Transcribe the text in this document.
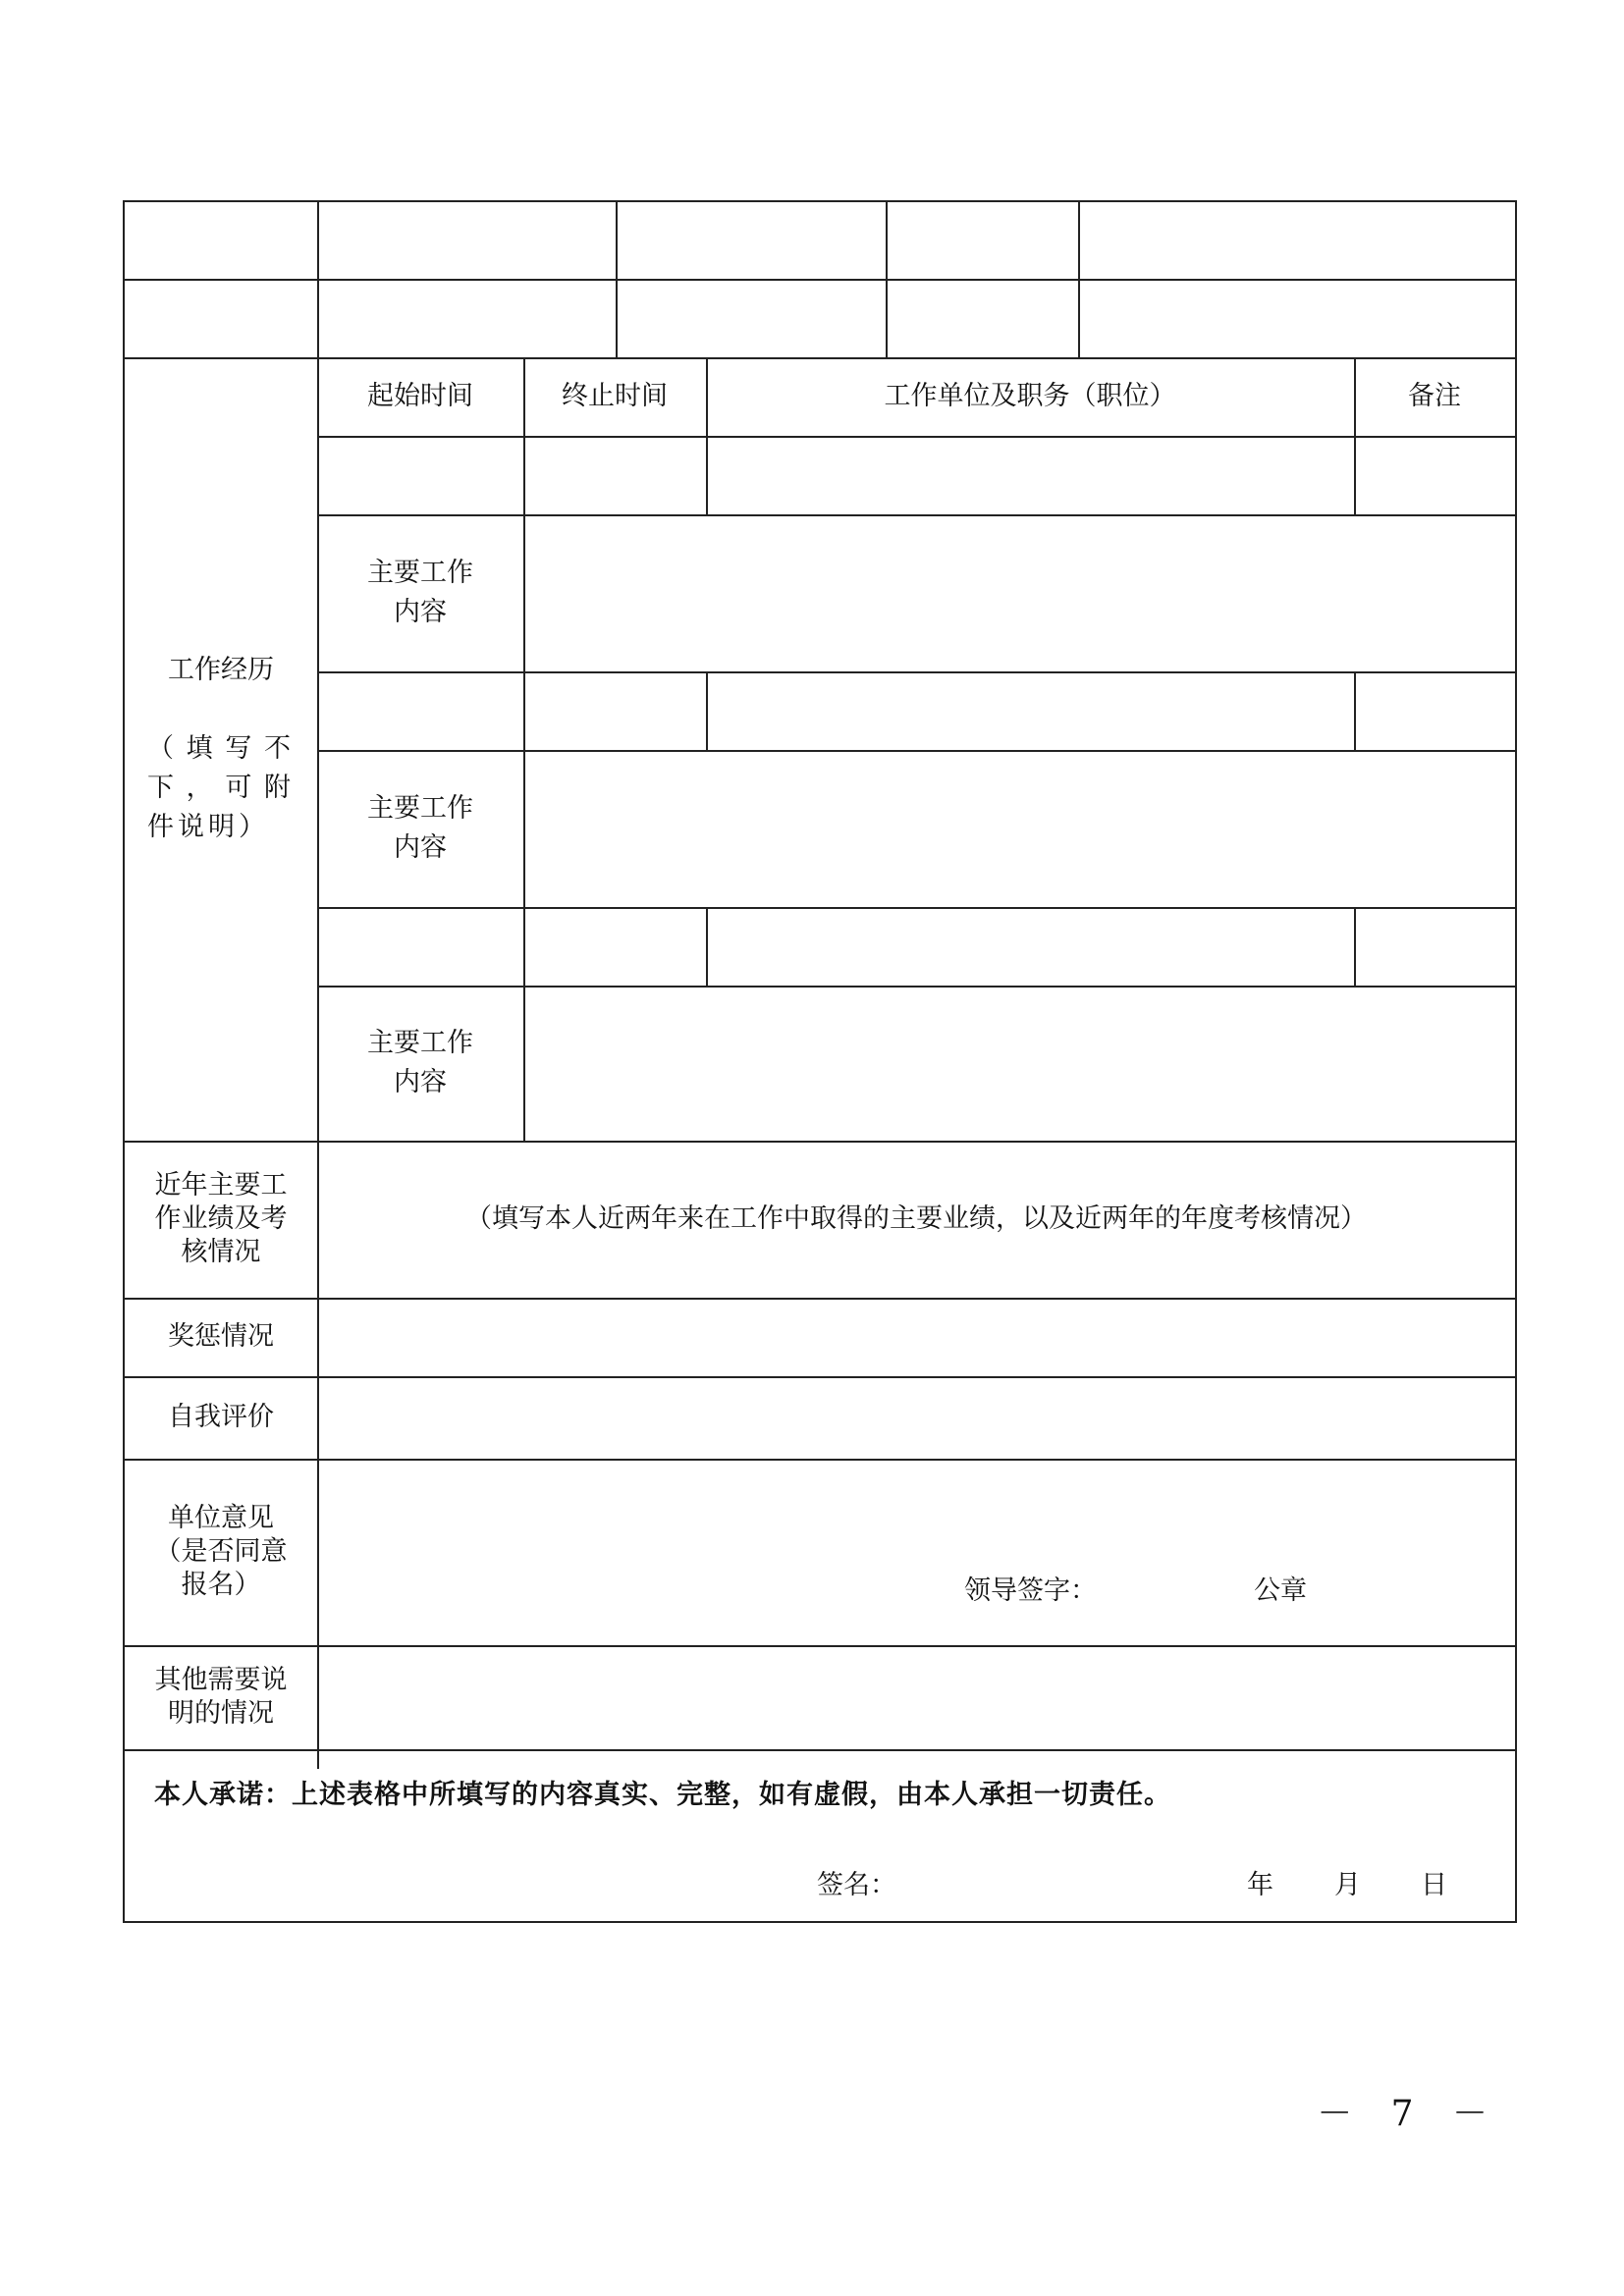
工作经历
（填写不下，可附件说明）
起始时间	终止时间	工作单位及职务（职位）	备注
主要工作内容
主要工作内容
主要工作内容
近年主要工作业绩及考核情况
（填写本人近两年来在工作中取得的主要业绩，以及近两年的年度考核情况）
奖惩情况
自我评价
单位意见（是否同意报名）	领导签字：	公章
其他需要说明的情况
本人承诺：上述表格中所填写的内容真实、完整，如有虚假，由本人承担一切责任。
签名：	年 月 日
－ 7 －
